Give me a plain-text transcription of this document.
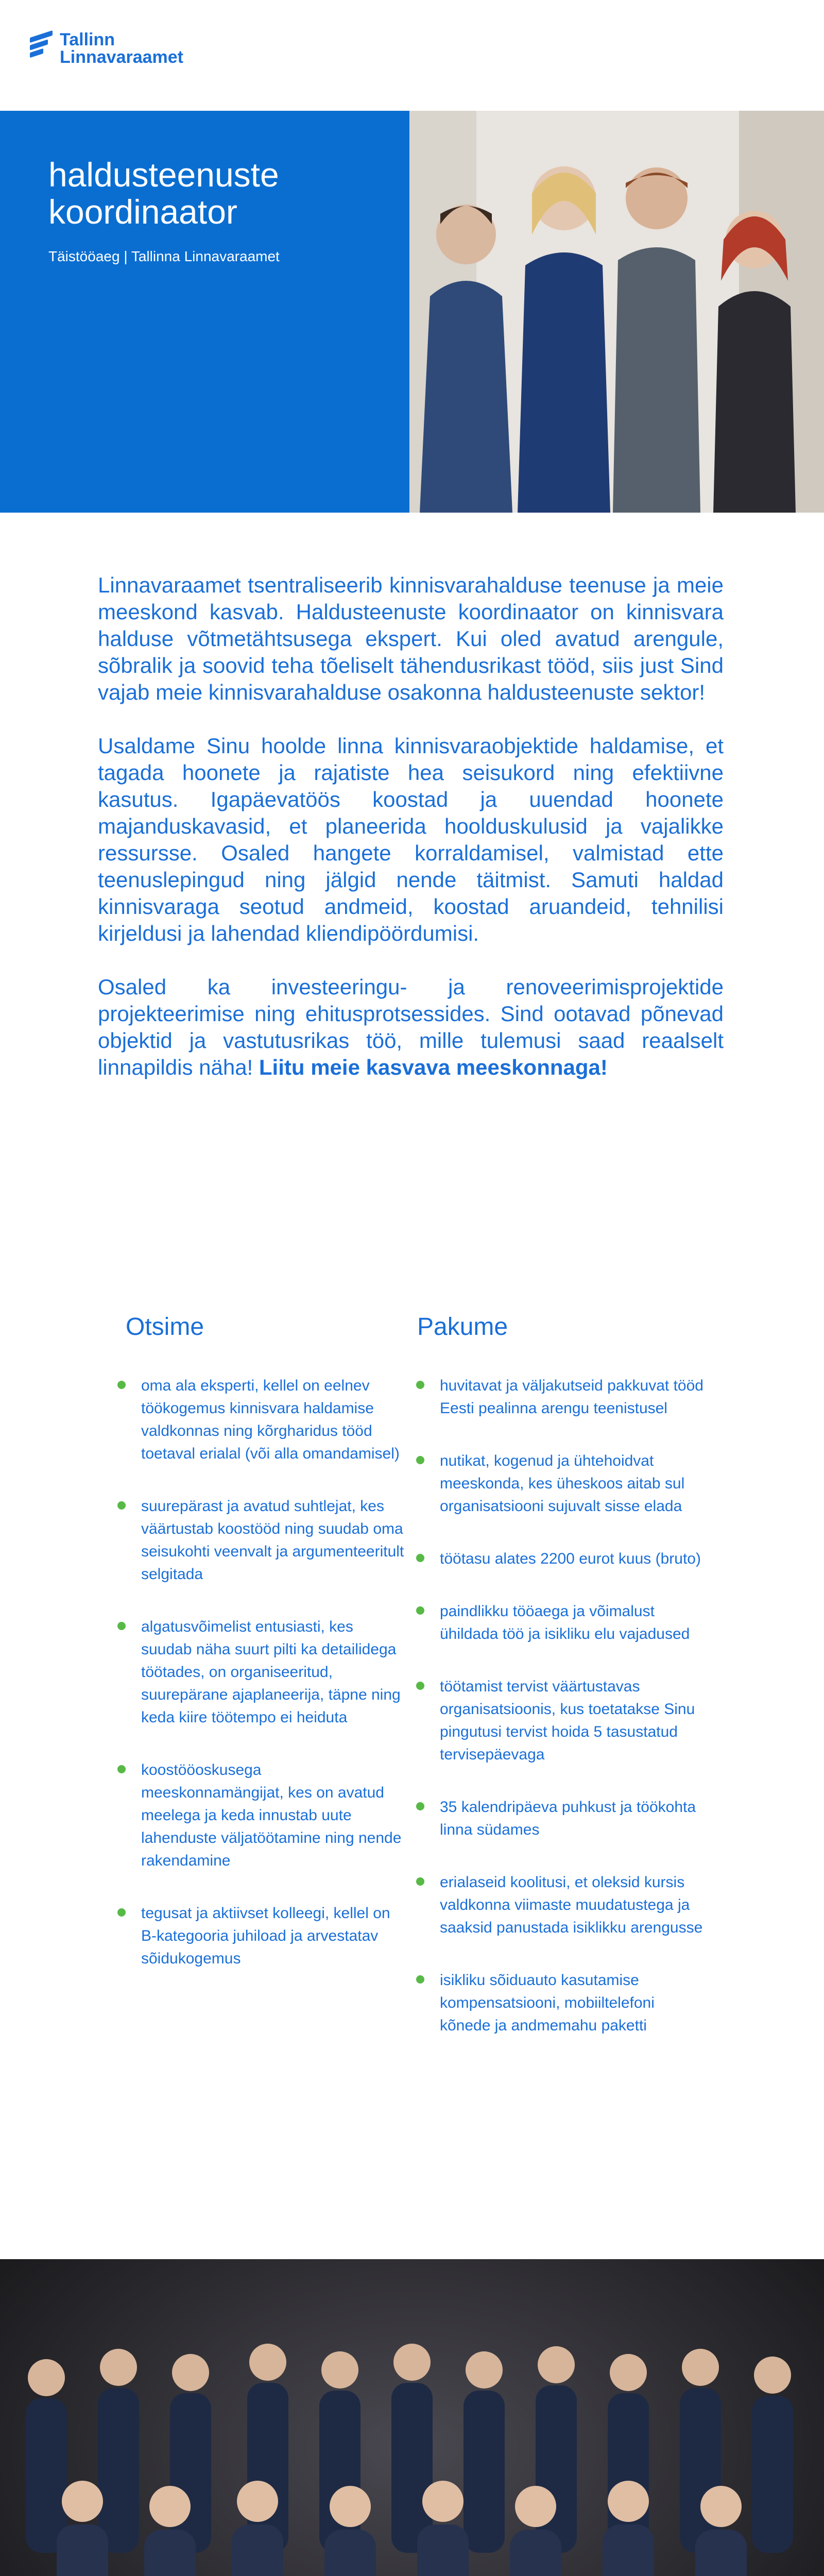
Tallinn
Linnavaraamet
haldusteenuste koordinaator
Täistööaeg | Tallinna Linnavaraamet

Linnavaraamet tsentraliseerib kinnisvarahalduse teenuse ja meie meeskond kasvab. Haldusteenuste koordinaator on kinnisvara halduse võtmetähtsusega ekspert. Kui oled avatud arengule, sõbralik ja soovid teha tõeliselt tähendusrikast tööd, siis just Sind vajab meie kinnisvarahalduse osakonna haldusteenuste sektor!

Usaldame Sinu hoolde linna kinnisvaraobjektide haldamise, et tagada hoonete ja rajatiste hea seisukord ning efektiivne kasutus. Igapäevatöös koostad ja uuendad hoonete majanduskavasid, et planeerida hoolduskulusid ja vajalikke ressursse. Osaled hangete korraldamisel, valmistad ette teenuslepingud ning jälgid nende täitmist. Samuti haldad kinnisvaraga seotud andmeid, koostad aruandeid, tehnilisi kirjeldusi ja lahendad kliendipöördumisi.

Osaled ka investeeringu- ja renoveerimisprojektide projekteerimise ning ehitusprotsessides. Sind ootavad põnevad objektid ja vastutusrikas töö, mille tulemusi saad reaalselt linnapildis näha! Liitu meie kasvava meeskonnaga!

Otsime
oma ala eksperti, kellel on eelnev töökogemus kinnisvara haldamise valdkonnas ning kõrgharidus tööd toetaval erialal (või alla omandamisel)
suurepärast ja avatud suhtlejat, kes väärtustab koostööd ning suudab oma seisukohti veenvalt ja argumenteeritult selgitada
algatusvõimelist entusiasti, kes suudab näha suurt pilti ka detailidega töötades, on organiseeritud, suurepärane ajaplaneerija, täpne ning keda kiire töötempo ei heiduta
koostööoskusega meeskonnamängijat, kes on avatud meelega ja keda innustab uute lahenduste väljatöötamine ning nende rakendamine
tegusat ja aktiivset kolleegi, kellel on B-kategooria juhiload ja arvestatav sõidukogemus
Pakume
huvitavat ja väljakutseid pakkuvat tööd Eesti pealinna arengu teenistusel
nutikat, kogenud ja ühtehoidvat meeskonda, kes üheskoos aitab sul organisatsiooni sujuvalt sisse elada
töötasu alates 2200 eurot kuus (bruto)
paindlikku tööaega ja võimalust ühildada töö ja isikliku elu vajadused
töötamist tervist väärtustavas organisatsioonis, kus toetatakse Sinu pingutusi tervist hoida 5 tasustatud tervisepäevaga
35 kalendripäeva puhkust ja töökohta linna südames
erialaseid koolitusi, et oleksid kursis valdkonna viimaste muudatustega ja saaksid panustada isiklikku arengusse
isikliku sõiduauto kasutamise kompensatsiooni, mobiiltelefoni kõnede ja andmemahu paketti
